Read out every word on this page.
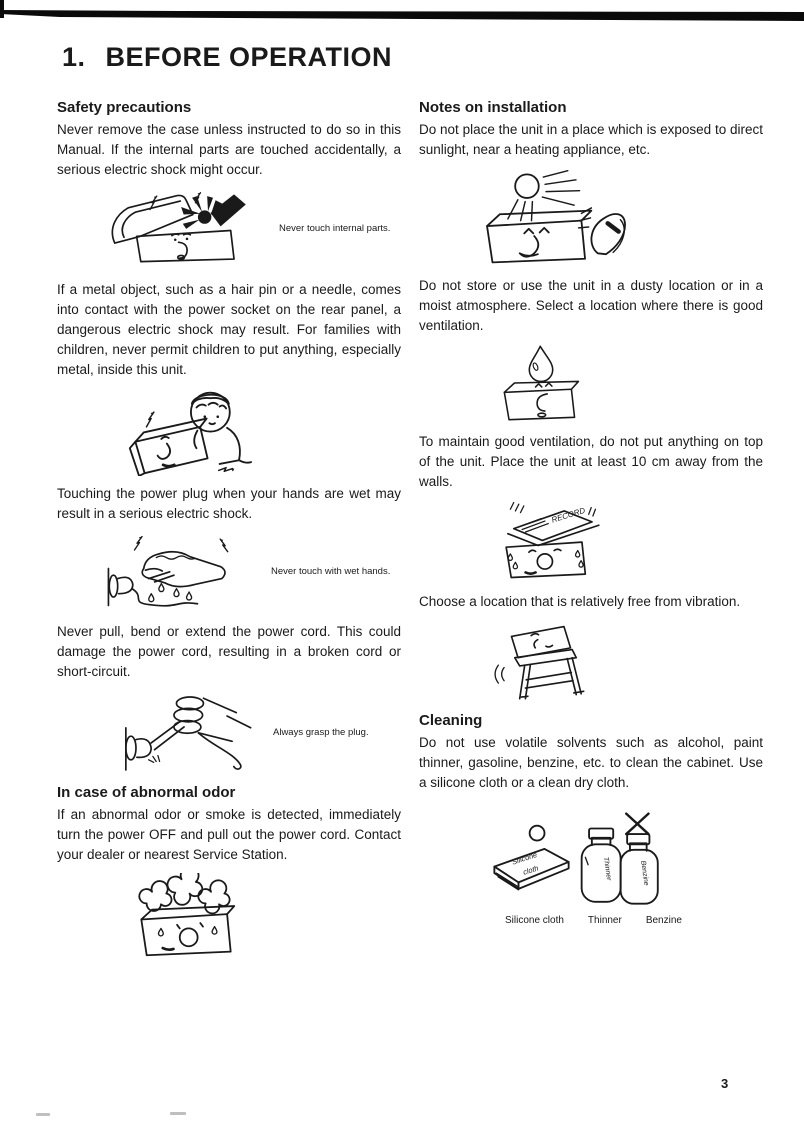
1. BEFORE OPERATION
Safety precautions

Never remove the case unless instructed to do so in this Manual. If the internal parts are touched accidentally, a serious electric shock might occur.

Never touch internal parts.

If a metal object, such as a hair pin or a needle, comes into contact with the power socket on the rear panel, a dangerous electric shock may result. For families with children, never permit children to put anything, especially metal, inside this unit.

Touching the power plug when your hands are wet may result in a serious electric shock.

Never touch with wet hands.

Never pull, bend or extend the power cord. This could damage the power cord, resulting in a broken cord or short-circuit.

Always grasp the plug.
In case of abnormal odor

If an abnormal odor or smoke is detected, immediately turn the power OFF and pull out the power cord. Contact your dealer or nearest Service Station.

Notes on installation

Do not place the unit in a place which is exposed to direct sunlight, near a heating appliance, etc.

Do not store or use the unit in a dusty location or in a moist atmosphere. Select a location where there is good ventilation.

To maintain good ventilation, do not put anything on top of the unit. Place the unit at least 10 cm away from the walls.

RECORD

Choose a location that is relatively free from vibration.

Cleaning

Do not use volatile solvents such as alcohol, paint thinner, gasoline, benzine, etc. to clean the cabinet. Use a silicone cloth or a clean dry cloth.

Silicone
cloth	Thinner	Benzine
Silicone cloth Thinner Benzine
3
